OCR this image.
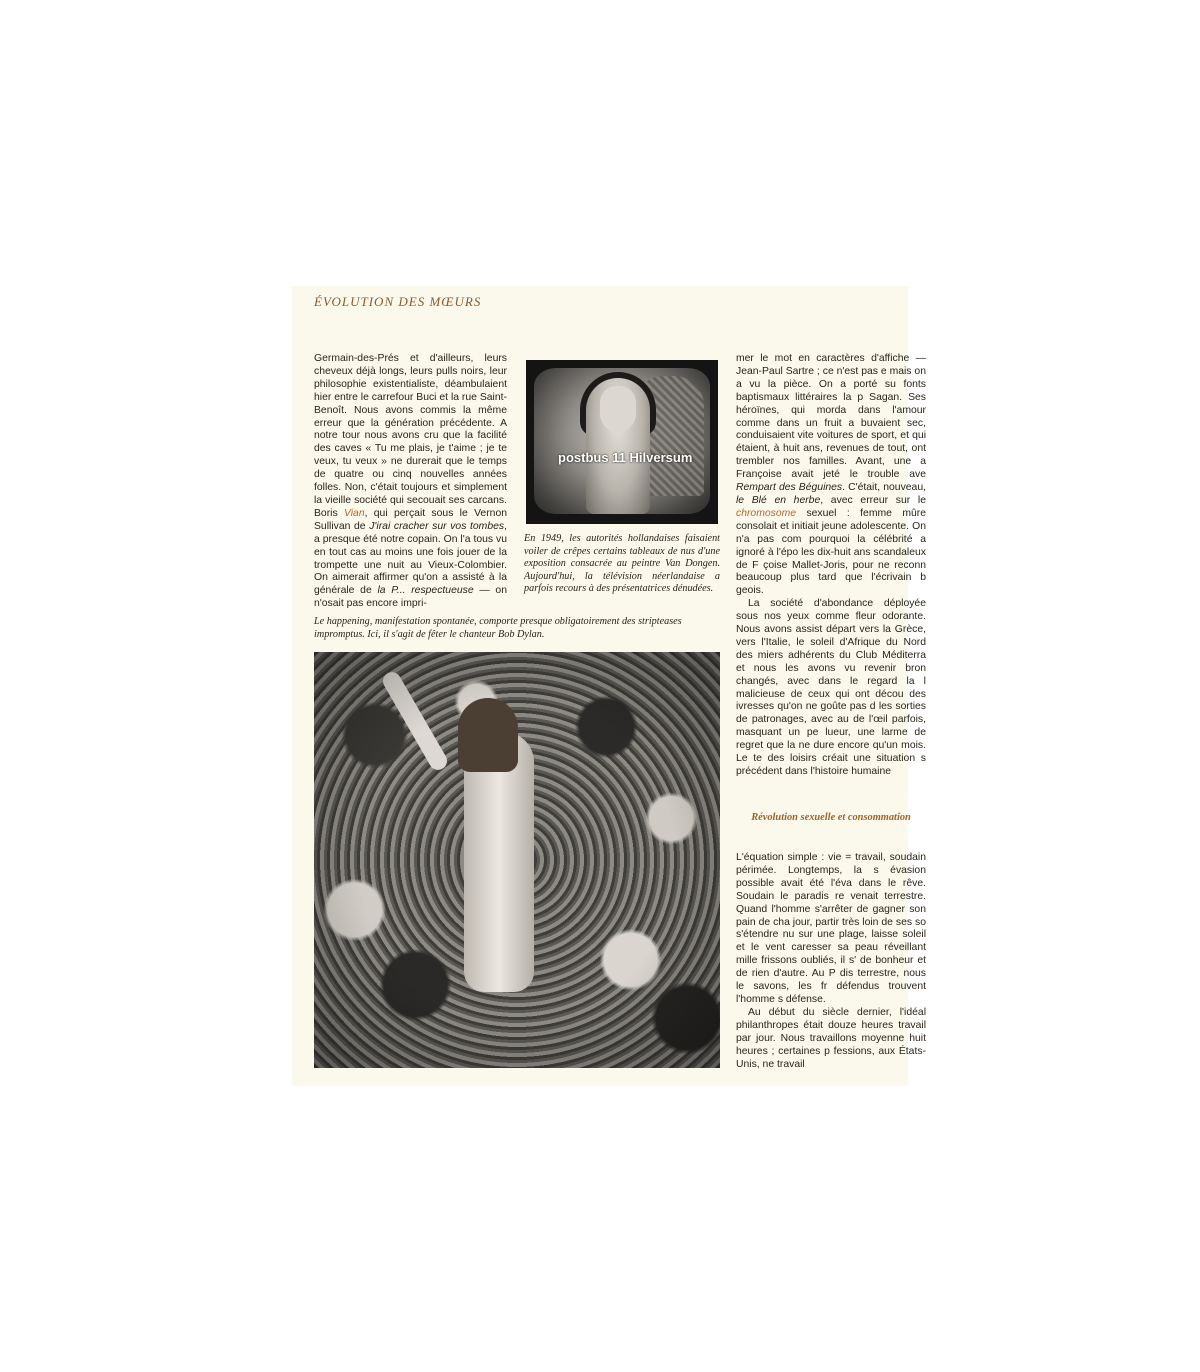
ÉVOLUTION DES MŒURS

Germain-des-Prés et d'ailleurs, leurs cheveux déjà longs, leurs pulls noirs, leur philosophie existentialiste, déambulaient hier entre le carrefour Buci et la rue Saint-Benoît. Nous avons commis la même erreur que la génération précédente. A notre tour nous avons cru que la facilité des caves « Tu me plais, je t'aime ; je te veux, tu veux » ne durerait que le temps de quatre ou cinq nouvelles années folles. Non, c'était toujours et simplement la vieille société qui secouait ses carcans. Boris Vian, qui perçait sous le Vernon Sullivan de J'irai cracher sur vos tombes, a presque été notre copain. On l'a tous vu en tout cas au moins une fois jouer de la trompette une nuit au Vieux-Colombier. On aimerait affirmer qu'on a assisté à la générale de la P... respectueuse — on n'osait pas encore impri-

postbus 11 Hilversum
En 1949, les autorités hollandaises faisaient voiler de crêpes certains tableaux de nus d'une exposition consacrée au peintre Van Dongen. Aujourd'hui, la télévision néerlandaise a parfois recours à des présentatrices dénudées.
Le happening, manifestation spontanée, comporte presque obligatoirement des stripteases impromptus. Ici, il s'agit de fêter le chanteur Bob Dylan.

mer le mot en caractères d'affiche — Jean-Paul Sartre ; ce n'est pas e mais on a vu la pièce. On a porté su fonts baptismaux littéraires la p Sagan. Ses héroïnes, qui morda dans l'amour comme dans un fruit a buvaient sec, conduisaient vite voitures de sport, et qui étaient, à huit ans, revenues de tout, ont trembler nos familles. Avant, une a Françoise avait jeté le trouble ave Rempart des Béguines. C'était, nouveau, le Blé en herbe, avec erreur sur le chromosome sexuel : femme mûre consolait et initiait jeune adolescente. On n'a pas com pourquoi la célébrité a ignoré à l'épo les dix-huit ans scandaleux de F çoise Mallet-Joris, pour ne reconn beaucoup plus tard que l'écrivain b geois.

La société d'abondance déployée sous nos yeux comme fleur odorante. Nous avons assist départ vers la Grèce, vers l'Italie, le soleil d'Afrique du Nord des miers adhérents du Club Méditerra et nous les avons vu revenir bron changés, avec dans le regard la l malicieuse de ceux qui ont décou des ivresses qu'on ne goûte pas d les sorties de patronages, avec au de l'œil parfois, masquant un pe lueur, une larme de regret que la ne dure encore qu'un mois. Le te des loisirs créait une situation s précédent dans l'histoire humaine

Révolution sexuelle et consommation

L'équation simple : vie = travail, soudain périmée. Longtemps, la s évasion possible avait été l'éva dans le rêve. Soudain le paradis re venait terrestre. Quand l'homme s'arrêter de gagner son pain de cha jour, partir très loin de ses so s'étendre nu sur une plage, laisse soleil et le vent caresser sa peau réveillant mille frissons oubliés, il s' de bonheur et de rien d'autre. Au P dis terrestre, nous le savons, les fr défendus trouvent l'homme s défense.

Au début du siècle dernier, l'idéal philanthropes était douze heures travail par jour. Nous travaillons moyenne huit heures ; certaines p fessions, aux États-Unis, ne travail
